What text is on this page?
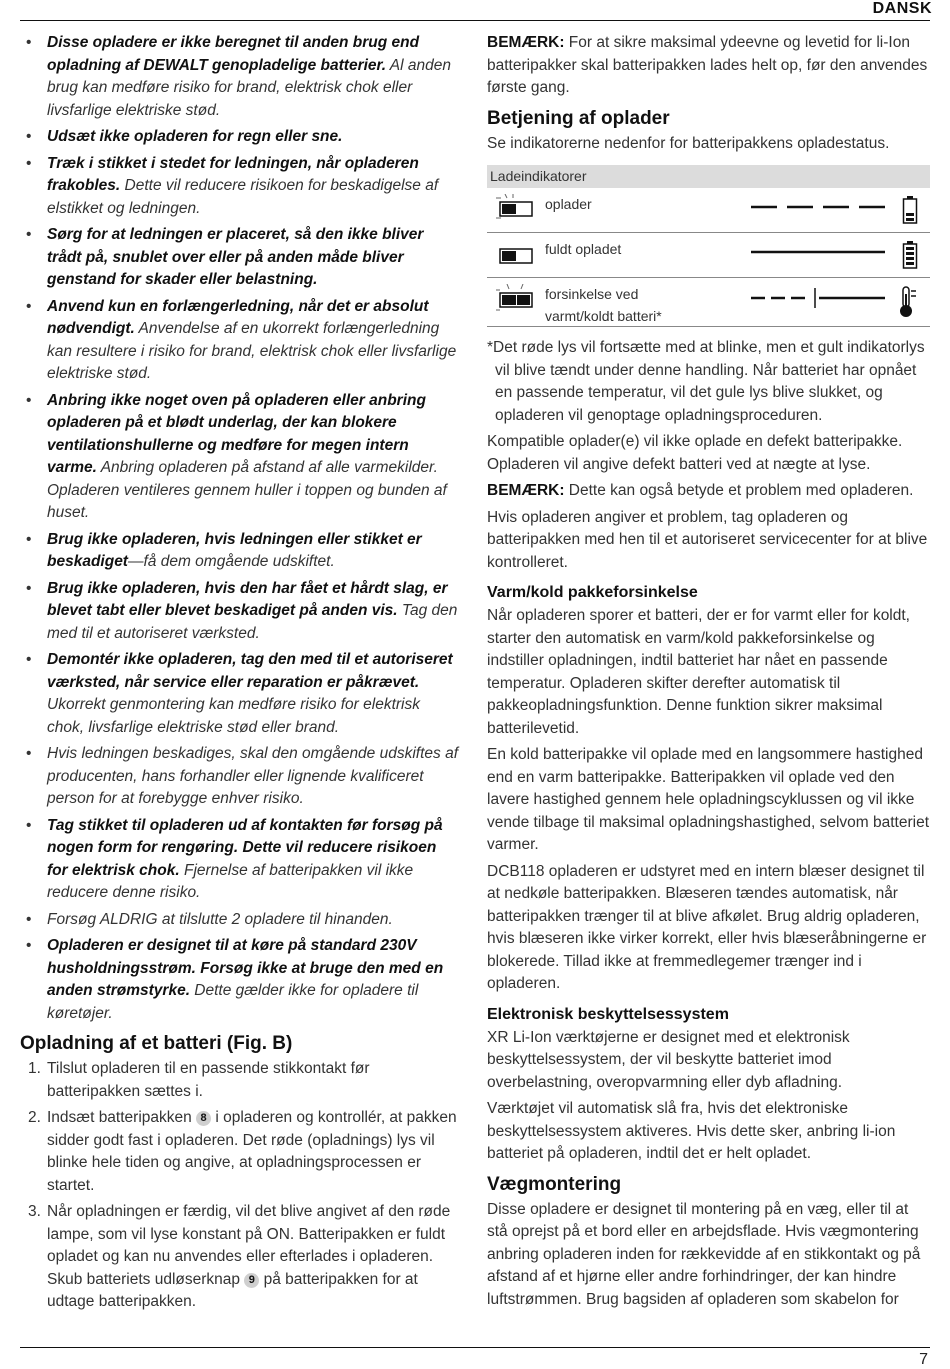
DANSK
• Disse opladere er ikke beregnet til anden brug end opladning af DEWALT genopladelige batterier. Al anden brug kan medføre risiko for brand, elektrisk chok eller livsfarlige elektriske stød.
• Udsæt ikke opladeren for regn eller sne.
• Træk i stikket i stedet for ledningen, når opladeren frakobles. Dette vil reducere risikoen for beskadigelse af elstikket og ledningen.
• Sørg for at ledningen er placeret, så den ikke bliver trådt på, snublet over eller på anden måde bliver genstand for skader eller belastning.
• Anvend kun en forlængerledning, når det er absolut nødvendigt. Anvendelse af en ukorrekt forlængerledning kan resultere i risiko for brand, elektrisk chok eller livsfarlige elektriske stød.
• Anbring ikke noget oven på opladeren eller anbring opladeren på et blødt underlag, der kan blokere ventilationshullerne og medføre for megen intern varme. Anbring opladeren på afstand af alle varmekilder. Opladeren ventileres gennem huller i toppen og bunden af huset.
• Brug ikke opladeren, hvis ledningen eller stikket er beskadiget—få dem omgående udskiftet.
• Brug ikke opladeren, hvis den har fået et hårdt slag, er blevet tabt eller blevet beskadiget på anden vis. Tag den med til et autoriseret værksted.
• Demontér ikke opladeren, tag den med til et autoriseret værksted, når service eller reparation er påkrævet. Ukorrekt genmontering kan medføre risiko for elektrisk chok, livsfarlige elektriske stød eller brand.
• Hvis ledningen beskadiges, skal den omgående udskiftes af producenten, hans forhandler eller lignende kvalificeret person for at forebygge enhver risiko.
• Tag stikket til opladeren ud af kontakten før forsøg på nogen form for rengøring. Dette vil reducere risikoen for elektrisk chok. Fjernelse af batteripakken vil ikke reducere denne risiko.
• Forsøg ALDRIG at tilslutte 2 opladere til hinanden.
• Opladeren er designet til at køre på standard 230V husholdningsstrøm. Forsøg ikke at bruge den med en anden strømstyrke. Dette gælder ikke for opladere til køretøjer.
Opladning af et batteri (Fig. B)
1. Tilslut opladeren til en passende stikkontakt før batteripakken sættes i.
2. Indsæt batteripakken 8 i opladeren og kontrollér, at pakken sidder godt fast i opladeren. Det røde (opladnings) lys vil blinke hele tiden og angive, at opladningsprocessen er startet.
3. Når opladningen er færdig, vil det blive angivet af den røde lampe, som vil lyse konstant på ON. Batteripakken er fuldt opladet og kan nu anvendes eller efterlades i opladeren. Skub batteriets udløserknap 9 på batteripakken for at udtage batteripakken.

BEMÆRK: For at sikre maksimal ydeevne og levetid for li-Ion batteripakker skal batteripakken lades helt op, før den anvendes første gang.

Betjening af oplader

Se indikatorerne nedenfor for batteripakkens opladestatus.

Ladeindikatorer
oplader
fuldt opladet
forsinkelse ved
varmt/koldt batteri*

*Det røde lys vil fortsætte med at blinke, men et gult indikatorlys vil blive tændt under denne handling. Når batteriet har opnået en passende temperatur, vil det gule lys blive slukket, og opladeren vil genoptage opladningsproceduren.

Kompatible oplader(e) vil ikke oplade en defekt batteripakke. Opladeren vil angive defekt batteri ved at nægte at lyse.

BEMÆRK: Dette kan også betyde et problem med opladeren.

Hvis opladeren angiver et problem, tag opladeren og batteripakken med hen til et autoriseret servicecenter for at blive kontrolleret.

Varm/kold pakkeforsinkelse

Når opladeren sporer et batteri, der er for varmt eller for koldt, starter den automatisk en varm/kold pakkeforsinkelse og indstiller opladningen, indtil batteriet har nået en passende temperatur. Opladeren skifter derefter automatisk til pakkeopladningsfunktion. Denne funktion sikrer maksimal batterilevetid.

En kold batteripakke vil oplade med en langsommere hastighed end en varm batteripakke. Batteripakken vil oplade ved den lavere hastighed gennem hele opladningscyklussen og vil ikke vende tilbage til maksimal opladningshastighed, selvom batteriet varmer.

DCB118 opladeren er udstyret med en intern blæser designet til at nedkøle batteripakken. Blæseren tændes automatisk, når batteripakken trænger til at blive afkølet. Brug aldrig opladeren, hvis blæseren ikke virker korrekt, eller hvis blæseråbningerne er blokerede. Tillad ikke at fremmedlegemer trænger ind i opladeren.

Elektronisk beskyttelsessystem

XR Li-Ion værktøjerne er designet med et elektronisk beskyttelsessystem, der vil beskytte batteriet imod overbelastning, overopvarmning eller dyb afladning.

Værktøjet vil automatisk slå fra, hvis det elektroniske beskyttelsessystem aktiveres. Hvis dette sker, anbring li-ion batteriet på opladeren, indtil det er helt opladet.

Vægmontering

Disse opladere er designet til montering på en væg, eller til at stå oprejst på et bord eller en arbejdsflade. Hvis vægmontering anbring opladeren inden for rækkevidde af en stikkontakt og på afstand af et hjørne eller andre forhindringer, der kan hindre luftstrømmen. Brug bagsiden af opladeren som skabelon for

7
